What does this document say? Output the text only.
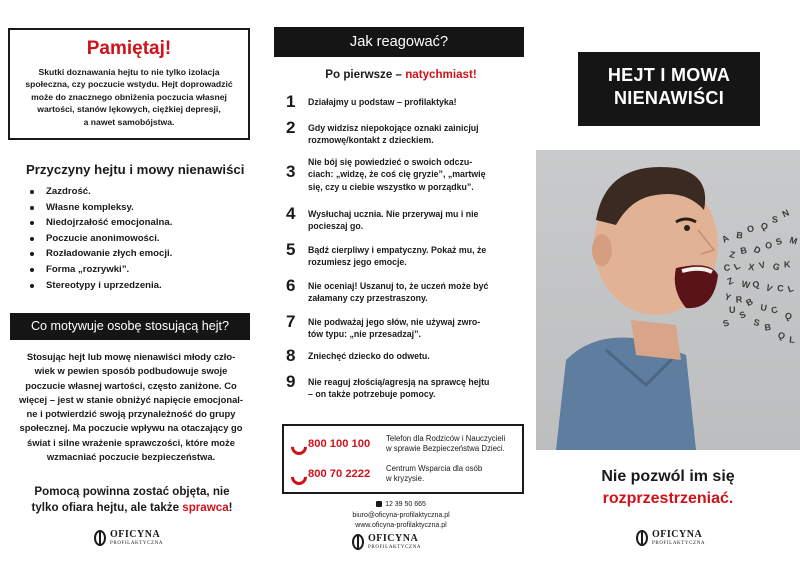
Pamiętaj!
Skutki doznawania hejtu to nie tylko izolacja
społeczna, czy poczucie wstydu. Hejt doprowadzić
może do znacznego obniżenia poczucia własnej
wartości, stanów lękowych, ciężkiej depresji,
a nawet samobójstwa.
Przyczyny hejtu i mowy nienawiści
Zazdrość.
Własne kompleksy.
Niedojrzałość emocjonalna.
Poczucie anonimowości.
Rozładowanie złych emocji.
Forma „rozrywki”.
Stereotypy i uprzedzenia.
Co motywuje osobę stosującą hejt?
Stosując hejt lub mowę nienawiści młody czło-
wiek w pewien sposób podbudowuje swoje
poczucie własnej wartości, często zaniżone. Co
więcej – jest w stanie obniżyć napięcie emocjonal-
ne i potwierdzić swoją przynależność do grupy
społecznej. Ma poczucie wpływu na otaczający go
świat i silne wrażenie sprawczości, które może
wzmacniać poczucie bezpieczeństwa.
Pomocą powinna zostać objęta, nie
tylko ofiara hejtu, ale także sprawca!
OFICYNA
PROFILAKTYCZNA
Jak reagować?
Po pierwsze – natychmiast!
1	Działajmy u podstaw – profilaktyka!
2	Gdy widzisz niepokojące oznaki zainicjuj
rozmowę/kontakt z dzieckiem.
3	Nie bój się powiedzieć o swoich odczu-
ciach: „widzę, że coś cię gryzie”, „martwię
się, czy u ciebie wszystko w porządku”.
4	Wysłuchaj ucznia. Nie przerywaj mu i nie
pocieszaj go.
5	Bądź cierpliwy i empatyczny. Pokaż mu, że
rozumiesz jego emocje.
6	Nie oceniaj! Uszanuj to, że uczeń może być
załamany czy przestraszony.
7	Nie podważaj jego słów, nie używaj zwro-
tów typu: „nie przesadzaj”.
8	Zniechęć dziecko do odwetu.
9	Nie reaguj złością/agresją na sprawcę hejtu
– on także potrzebuje pomocy.
800 100 100	Telefon dla Rodziców i Nauczycieli
w sprawie Bezpieczeństwa Dzieci.
800 70 2222	Centrum Wsparcia dla osób
w kryzysie.
12 39 50 665
biuro@oficyna-profilaktyczna.pl
www.oficyna-profilaktyczna.pl
OFICYNA
PROFILAKTYCZNA
HEJT I MOWA
NIENAWIŚCI
A B
O Q
S
N
Z B D O S M
C L X V G K
Z W Q V C L
Y R B U C
Q
U S
S B
Q L
S
Nie pozwól im się
rozprzestrzeniać.
OFICYNA
PROFILAKTYCZNA
